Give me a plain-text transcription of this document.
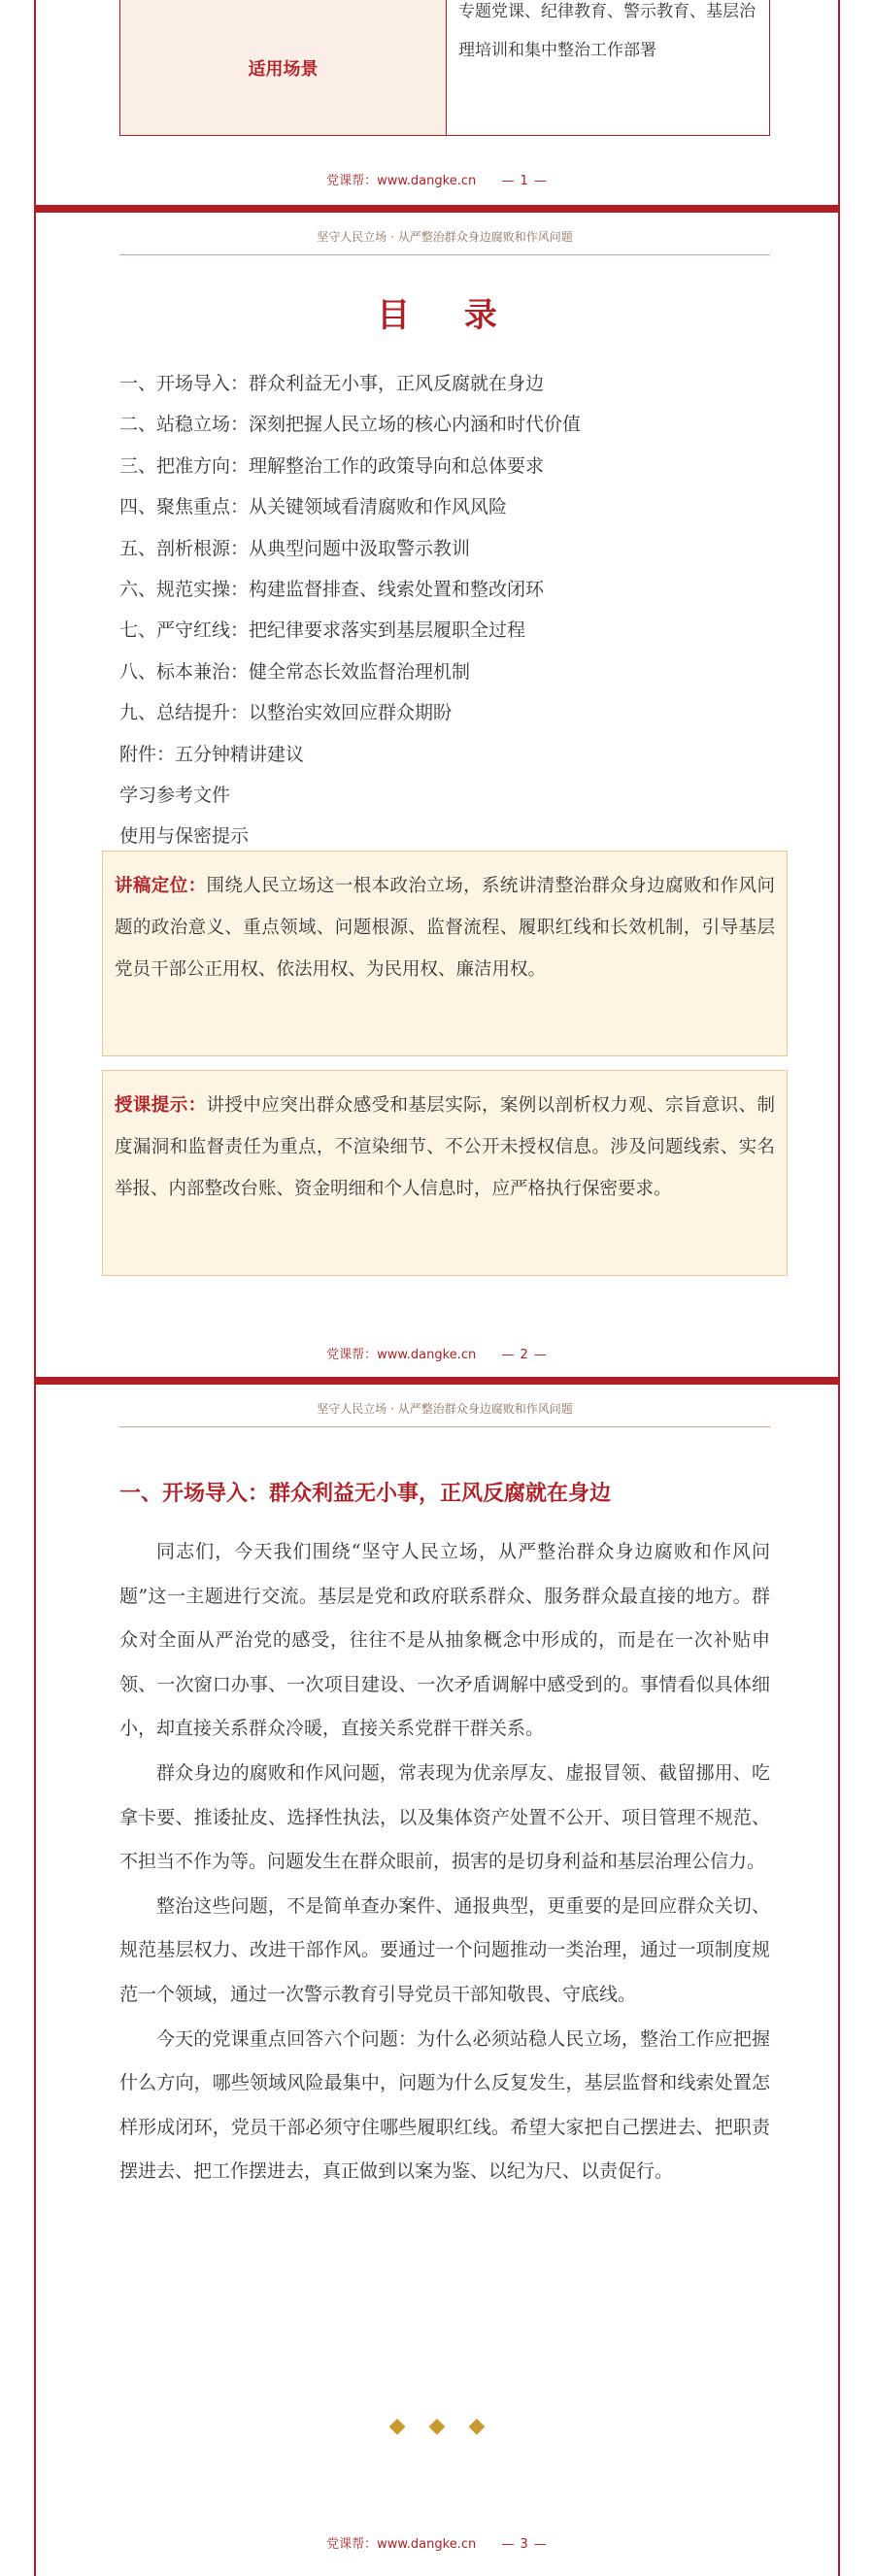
适用场景
专题党课、纪律教育、警示教育、基层治理培训和集中整治工作部署
党课帮：www.dangke.cn — 1 —
坚守人民立场 · 从严整治群众身边腐败和作风问题
目 录
一、开场导入：群众利益无小事，正风反腐就在身边
二、站稳立场：深刻把握人民立场的核心内涵和时代价值
三、把准方向：理解整治工作的政策导向和总体要求
四、聚焦重点：从关键领域看清腐败和作风风险
五、剖析根源：从典型问题中汲取警示教训
六、规范实操：构建监督排查、线索处置和整改闭环
七、严守红线：把纪律要求落实到基层履职全过程
八、标本兼治：健全常态长效监督治理机制
九、总结提升：以整治实效回应群众期盼
附件：五分钟精讲建议
学习参考文件
使用与保密提示
讲稿定位：围绕人民立场这一根本政治立场，系统讲清整治群众身边腐败和作风问题的政治意义、重点领域、问题根源、监督流程、履职红线和长效机制，引导基层党员干部公正用权、依法用权、为民用权、廉洁用权。
授课提示：讲授中应突出群众感受和基层实际，案例以剖析权力观、宗旨意识、制度漏洞和监督责任为重点，不渲染细节、不公开未授权信息。涉及问题线索、实名举报、内部整改台账、资金明细和个人信息时，应严格执行保密要求。
党课帮：www.dangke.cn — 2 —
坚守人民立场 · 从严整治群众身边腐败和作风问题
一、开场导入：群众利益无小事，正风反腐就在身边

同志们，今天我们围绕“坚守人民立场，从严整治群众身边腐败和作风问题”这一主题进行交流。基层是党和政府联系群众、服务群众最直接的地方。群众对全面从严治党的感受，往往不是从抽象概念中形成的，而是在一次补贴申领、一次窗口办事、一次项目建设、一次矛盾调解中感受到的。事情看似具体细小，却直接关系群众冷暖，直接关系党群干群关系。

群众身边的腐败和作风问题，常表现为优亲厚友、虚报冒领、截留挪用、吃拿卡要、推诿扯皮、选择性执法，以及集体资产处置不公开、项目管理不规范、不担当不作为等。问题发生在群众眼前，损害的是切身利益和基层治理公信力。

整治这些问题，不是简单查办案件、通报典型，更重要的是回应群众关切、规范基层权力、改进干部作风。要通过一个问题推动一类治理，通过一项制度规范一个领域，通过一次警示教育引导党员干部知敬畏、守底线。

今天的党课重点回答六个问题：为什么必须站稳人民立场，整治工作应把握什么方向，哪些领域风险最集中，问题为什么反复发生，基层监督和线索处置怎样形成闭环，党员干部必须守住哪些履职红线。希望大家把自己摆进去、把职责摆进去、把工作摆进去，真正做到以案为鉴、以纪为尺、以责促行。

◆◆◆
党课帮：www.dangke.cn — 3 —
